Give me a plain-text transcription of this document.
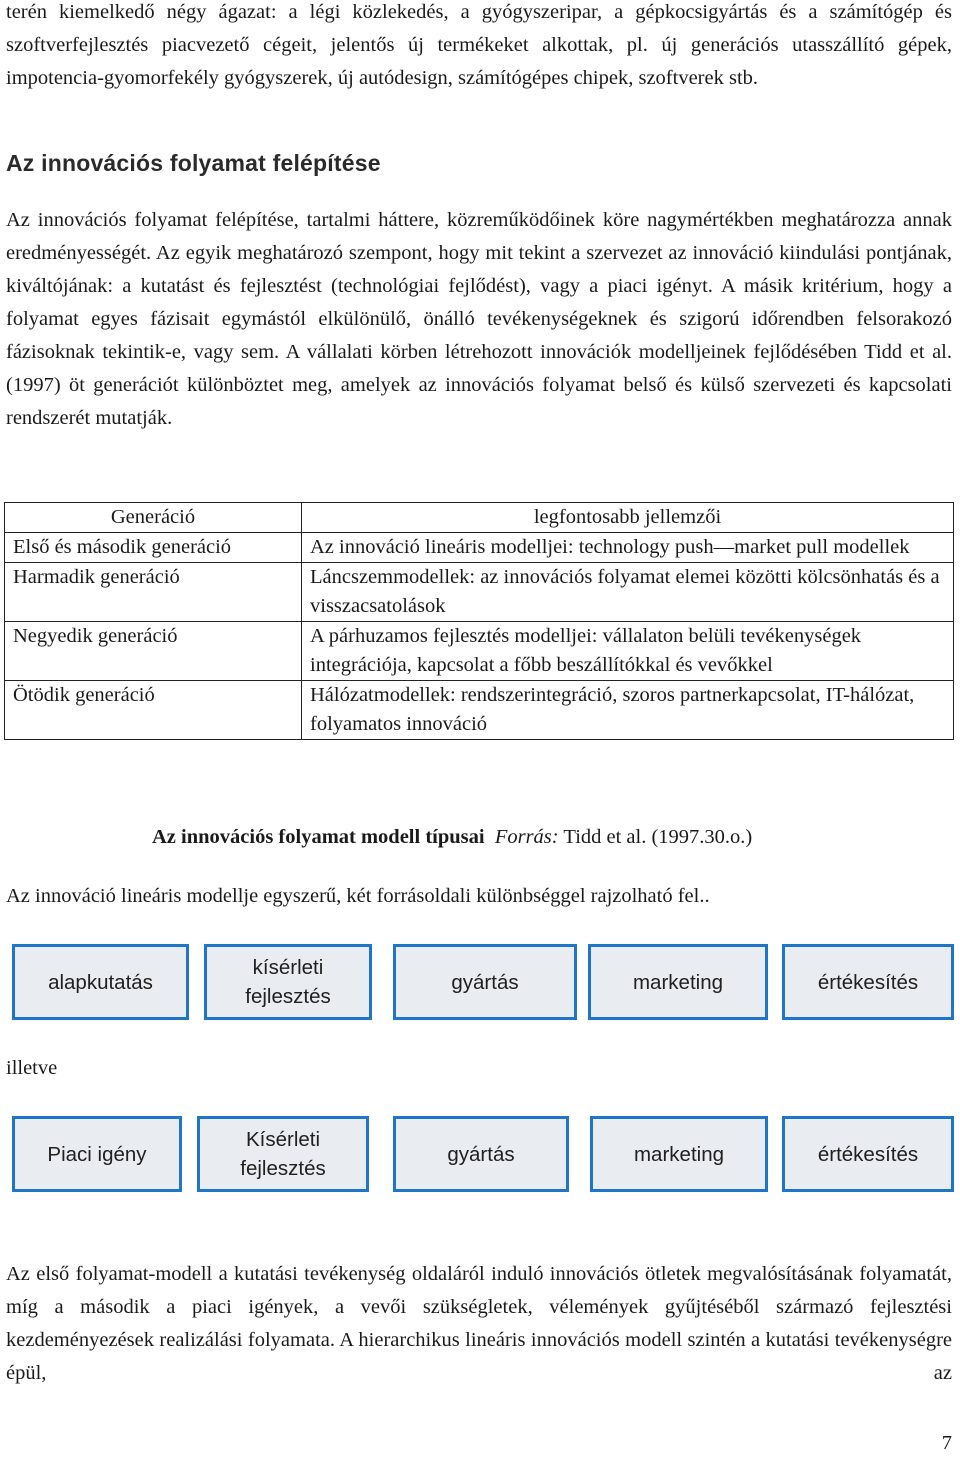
terén kiemelkedő négy ágazat: a légi közlekedés, a gyógyszeripar, a gépkocsigyártás és a számítógép és szoftverfejlesztés piacvezető cégeit, jelentős új termékeket alkottak, pl. új generációs utasszállító gépek, impotencia-gyomorfekély gyógyszerek, új autódesign, számítógépes chipek, szoftverek stb.

Az innovációs folyamat felépítése

Az innovációs folyamat felépítése, tartalmi háttere, közreműködőinek köre nagymértékben meghatározza annak eredményességét. Az egyik meghatározó szempont, hogy mit tekint a szervezet az innováció kiindulási pontjának, kiváltójának: a kutatást és fejlesztést (technológiai fejlődést), vagy a piaci igényt. A másik kritérium, hogy a folyamat egyes fázisait egymástól elkülönülő, önálló tevékenységeknek és szigorú időrendben felsorakozó fázisoknak tekintik-e, vagy sem. A vállalati körben létrehozott innovációk modelljeinek fejlődésében Tidd et al. (1997) öt generációt különböztet meg, amelyek az innovációs folyamat belső és külső szervezeti és kapcsolati rendszerét mutatják.

Generáció	legfontosabb jellemzői
Első és második generáció	Az innováció lineáris modelljei: technology push—market pull modellek
Harmadik generáció	Láncszemmodellek: az innovációs folyamat elemei közötti kölcsönhatás és a visszacsatolások
Negyedik generáció	A párhuzamos fejlesztés modelljei: vállalaton belüli tevékenységek integrációja, kapcsolat a főbb beszállítókkal és vevőkkel
Ötödik generáció	Hálózatmodellek: rendszerintegráció, szoros partnerkapcsolat, IT-hálózat, folyamatos innováció
Az innovációs folyamat modell típusai Forrás: Tidd et al. (1997.30.o.)

Az innováció lineáris modellje egyszerű, két forrásoldali különbséggel rajzolható fel..

alapkutatás
kísérleti fejlesztés
gyártás	marketing	értékesítés
illetve
Piaci igény
Kísérleti fejlesztés
gyártás	marketing	értékesítés

Az első folyamat-modell a kutatási tevékenység oldaláról induló innovációs ötletek megvalósításának folyamatát, míg a második a piaci igények, a vevői szükségletek, vélemények gyűjtéséből származó fejlesztési kezdeményezések realizálási folyamata. A hierarchikus lineáris innovációs modell szintén a kutatási tevékenységre épül, az

7
